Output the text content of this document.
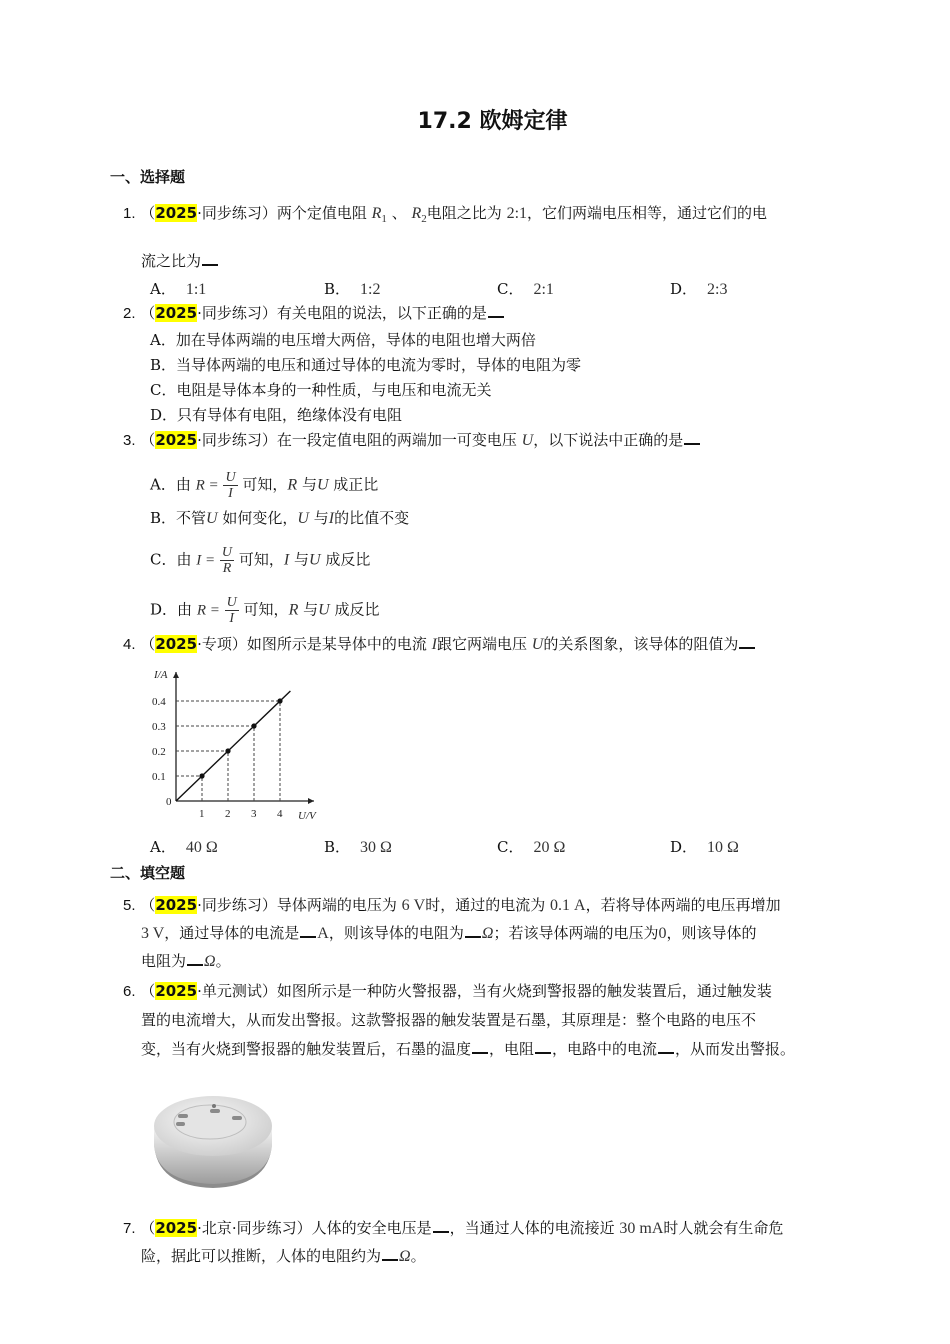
17.2 欧姆定律
一、选择题
1. （2025·同步练习）两个定值电阻 $R_1$ 、 $R_2$电阻之比为 2:1，它们两端电压相等，通过它们的电
流之比为
A． 1:1	B． 1:2	C． 2:1	D． 2:3
2. （2025·同步练习）有关电阻的说法，以下正确的是
A．加在导体两端的电压增大两倍，导体的电阻也增大两倍
B．当导体两端的电压和通过导体的电流为零时，导体的电阻为零
C．电阻是导体本身的一种性质，与电压和电流无关
D．只有导体有电阻，绝缘体没有电阻
3. （2025·同步练习）在一段定值电阻的两端加一可变电压 U，以下说法中正确的是
A．由 $R = \frac{U}{I}$ 可知，R 与U 成正比
B．不管U 如何变化，U 与I的比值不变
C．由 $I = \frac{U}{R}$ 可知，I 与U 成反比
D．由 $R = \frac{U}{I}$ 可知，R 与U 成反比
4. （2025·专项）如图所示是某导体中的电流 I跟它两端电压 U的关系图象，该导体的阻值为
I/A
U/V
0
1 2 3 4
0.1
0.2
0.3
0.4
A． 40 Ω	B． 30 Ω	C． 20 Ω	D． 10 Ω
二、填空题
5. （2025·同步练习）导体两端的电压为 6 V时，通过的电流为 0.1 A，若将导体两端的电压再增加
3 V，通过导体的电流是 A，则该导体的电阻为 Ω；若该导体两端的电压为0，则该导体的
电阻为 Ω。
6. （2025·单元测试）如图所示是一种防火警报器，当有火烧到警报器的触发装置后，通过触发装
置的电流增大，从而发出警报。这款警报器的触发装置是石墨，其原理是：整个电路的电压不
变，当有火烧到警报器的触发装置后，石墨的温度 ，电阻 ，电路中的电流 ，从而发出警报。
7. （2025·北京·同步练习）人体的安全电压是 ，当通过人体的电流接近 30 mA时人就会有生命危
险，据此可以推断，人体的电阻约为 Ω。
